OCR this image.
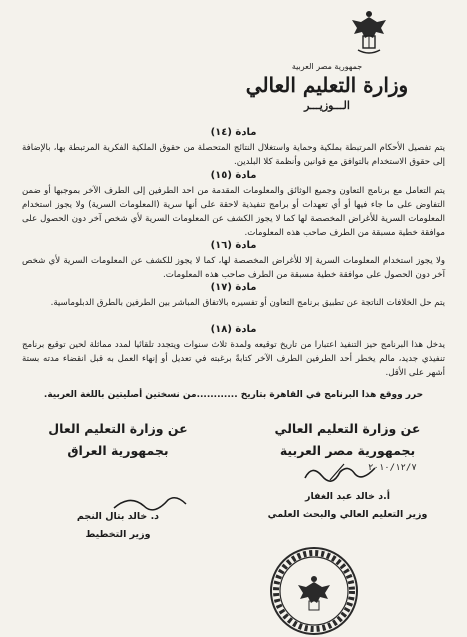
جمهورية مصر العربية
وزارة التعليم العالي
الـــوزيـــر
مادة (١٤)
يتم تفصيل الأحكام المرتبطة بملكية وحماية واستغلال النتائج المتحصلة من حقوق الملكية الفكرية المرتبطة بها، بالإضافة إلى حقوق الاستخدام بالتوافق مع قوانين وأنظمة كلا البلدين.
مادة (١٥)
يتم التعامل مع برنامج التعاون وجميع الوثائق والمعلومات المقدمة من احد الطرفين إلى الطرف الآخر بموجبها أو ضمن التفاوض على ما جاء فيها أو أي تعهدات أو برامج تنفيذية لاحقة على أنها سرية (المعلومات السرية) ولا يجوز استخدام المعلومات السرية للأغراض المخصصة لها كما لا يجوز الكشف عن المعلومات السرية لأي شخص آخر دون الحصول على موافقة خطية مسبقة من الطرف صاحب هذه المعلومات.
مادة (١٦)
ولا يجوز استخدام المعلومات السرية إلا للأغراض المخصصة لها، كما لا يجوز للكشف عن المعلومات السرية لأي شخص آخر دون الحصول على موافقة خطية مسبقة من الطرف صاحب هذه المعلومات.
مادة (١٧)
يتم حل الخلافات الناتجة عن تطبيق برنامج التعاون أو تفسيره بالاتفاق المباشر بين الطرفين بالطرق الدبلوماسية.
مادة (١٨)
يدخل هذا البرنامج حيز التنفيذ اعتبارا من تاريخ توقيعه ولمدة ثلاث سنوات ويتجدد تلقائيا لمدد مماثلة لحين توقيع برنامج تنفيذي جديد، مالم يخطر أحد الطرفين الطرف الآخر كتابةً برغبته في تعديل أو إنهاء العمل به قبل انقضاء مدته بستة أشهر على الأقل.
حرر ووقع هذا البرنامج في القاهرة بتاريخ ............من نسختين أصليتين باللغة العربية.
عن وزارة التعليم العالي
بجمهورية مصر العربية
عن وزارة التعليم العال
بجمهورية العراق
٢٠١٠/١٢/٧
أ.د خالد عبد الغفار
وزير التعليم العالي والبحث العلمي
د. خالد بتال النجم
وزير التخطيط
